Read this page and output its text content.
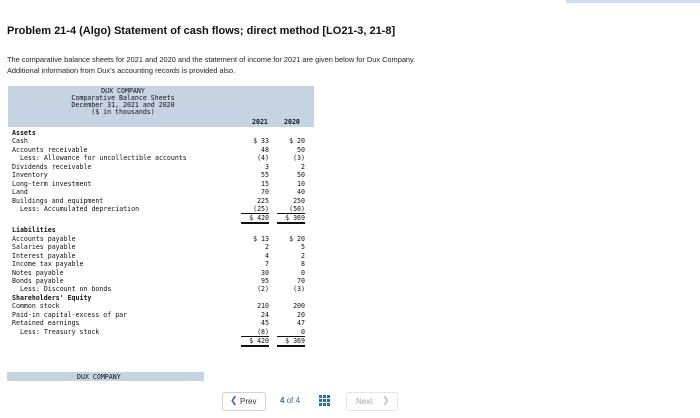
Problem 21-4 (Algo) Statement of cash flows; direct method [LO21-3, 21-8]

The comparative balance sheets for 2021 and 2020 and the statement of income for 2021 are given below for Dux Company.

Additional information from Dux's accounting records is provided also.

DUX COMPANY
Comparative Balance Sheets
December 31, 2021 and 2020
($ in thousands)
2021 2020
Assets
Cash	$ 33	$ 20
Accounts receivable	48	50
Less: Allowance for uncollectible accounts	(4)	(3)
Dividends receivable	3	2
Inventory	55	50
Long-term investment	15	10
Land	70	40
Buildings and equipment	225	250
Less: Accumulated depreciation	(25)	(50)
$ 420	$ 369
Liabilities
Accounts payable	$ 13	$ 20
Salaries payable	2	5
Interest payable	4	2
Income tax payable	7	8
Notes payable	30	0
Bonds payable	95	70
Less: Discount on bonds	(2)	(3)
Shareholders' Equity
Common stock	210	200
Paid-in capital-excess of par	24	20
Retained earnings	45	47
Less: Treasury stock	(8)	0
$ 420	$ 369
DUX COMPANY
❮ Prev	4 of 4	Next ❯
